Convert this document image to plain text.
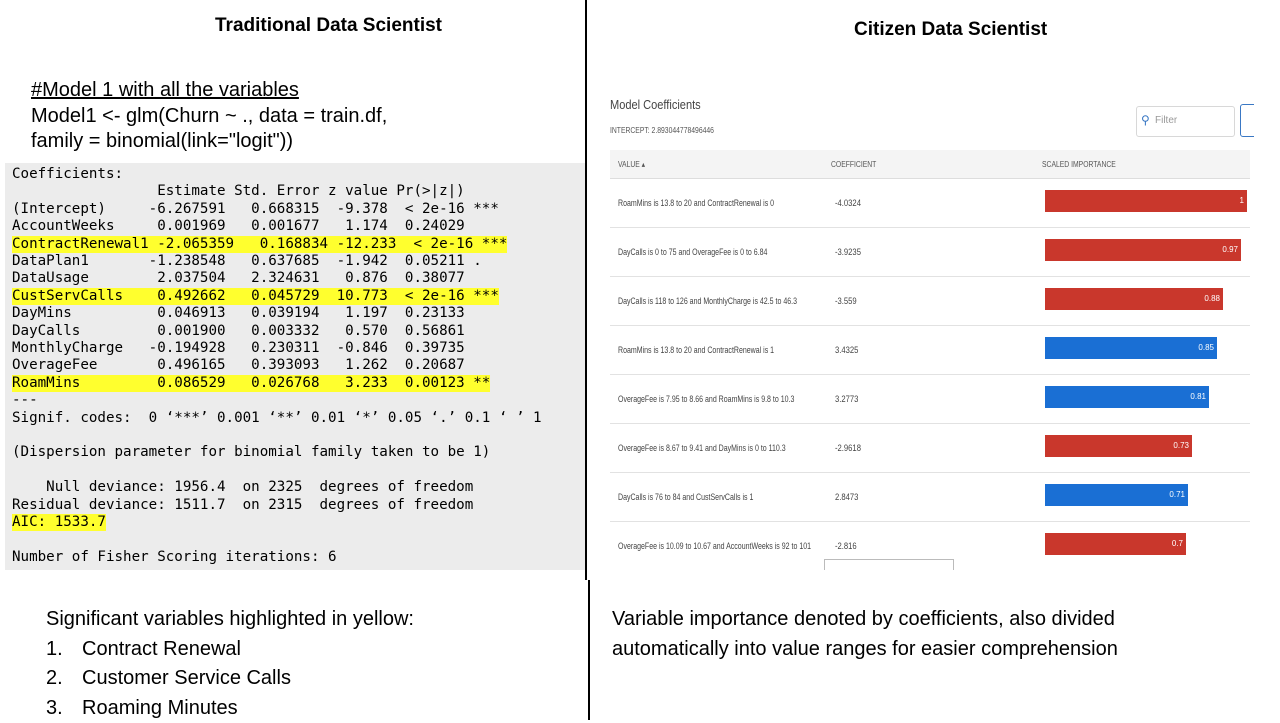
Traditional Data Scientist	Citizen Data Scientist
#Model 1 with all the variables
Model1 <- glm(Churn ~ ., data = train.df,
family = binomial(link="logit"))
Coefficients:
Estimate Std. Error z value Pr(>|z|)
(Intercept)     -6.267591   0.668315  -9.378  < 2e-16 ***
AccountWeeks     0.001969   0.001677   1.174  0.24029
ContractRenewal1 -2.065359   0.168834 -12.233  < 2e-16 ***
DataPlan1       -1.238548   0.637685  -1.942  0.05211 .
DataUsage        2.037504   2.324631   0.876  0.38077
CustServCalls    0.492662   0.045729  10.773  < 2e-16 ***
DayMins          0.046913   0.039194   1.197  0.23133
DayCalls         0.001900   0.003332   0.570  0.56861
MonthlyCharge   -0.194928   0.230311  -0.846  0.39735
OverageFee       0.496165   0.393093   1.262  0.20687
RoamMins         0.086529   0.026768   3.233  0.00123 **
---
Signif. codes:  0 ‘***’ 0.001 ‘**’ 0.01 ‘*’ 0.05 ‘.’ 0.1 ‘ ’ 1
(Dispersion parameter for binomial family taken to be 1)
Null deviance: 1956.4  on 2325  degrees of freedom
Residual deviance: 1511.7  on 2315  degrees of freedom
AIC: 1533.7
Number of Fisher Scoring iterations: 6
Significant variables highlighted in yellow:
1. Contract Renewal
2. Customer Service Calls
3. Roaming Minutes
Model Coefficients
INTERCEPT: 2.893044778496446
⚲ Filter
VALUE ▴	COEFFICIENT	SCALED IMPORTANCE
RoamMins is 13.8 to 20 and ContractRenewal is 0	-4.0324	1
DayCalls is 0 to 75 and OverageFee is 0 to 6.84	-3.9235	0.97
DayCalls is 118 to 126 and MonthlyCharge is 42.5 to 46.3	-3.559	0.88
RoamMins is 13.8 to 20 and ContractRenewal is 1	3.4325	0.85
OverageFee is 7.95 to 8.66 and RoamMins is 9.8 to 10.3	3.2773	0.81
OverageFee is 8.67 to 9.41 and DayMins is 0 to 110.3	-2.9618	0.73
DayCalls is 76 to 84 and CustServCalls is 1	2.8473	0.71
OverageFee is 10.09 to 10.67 and AccountWeeks is 92 to 101	-2.816	0.7
Variable importance denoted by coefficients, also divided automatically into value ranges for easier comprehension
